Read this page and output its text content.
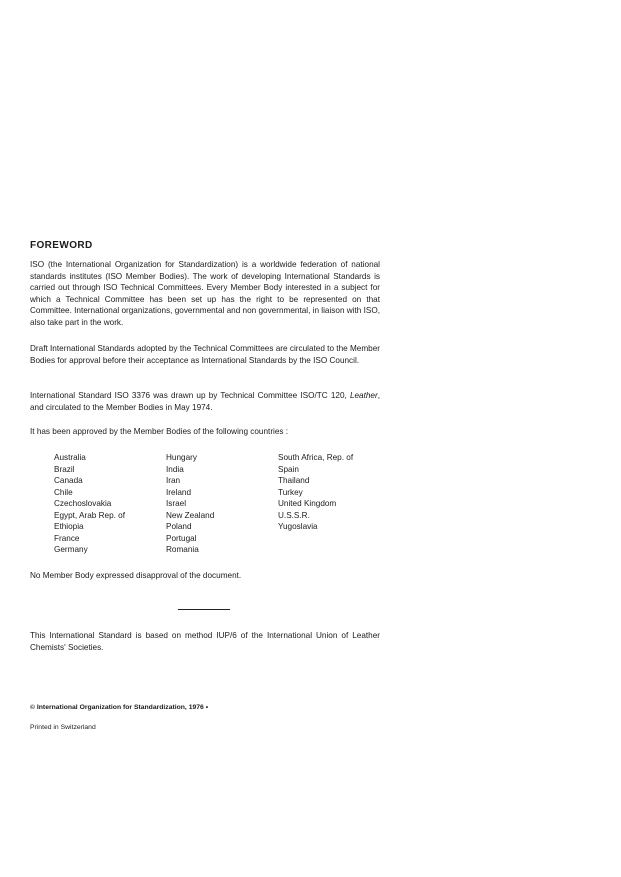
FOREWORD
ISO (the International Organization for Standardization) is a worldwide federation of national standards institutes (ISO Member Bodies). The work of developing International Standards is carried out through ISO Technical Committees. Every Member Body interested in a subject for which a Technical Committee has been set up has the right to be represented on that Committee. International organizations, governmental and non governmental, in liaison with ISO, also take part in the work.
Draft International Standards adopted by the Technical Committees are circulated to the Member Bodies for approval before their acceptance as International Standards by the ISO Council.
International Standard ISO 3376 was drawn up by Technical Committee ISO/TC 120, Leather, and circulated to the Member Bodies in May 1974.
It has been approved by the Member Bodies of the following countries :
Australia
Brazil
Canada
Chile
Czechoslovakia
Egypt, Arab Rep. of
Ethiopia
France
Germany
Hungary
India
Iran
Ireland
Israel
New Zealand
Poland
Portugal
Romania
South Africa, Rep. of
Spain
Thailand
Turkey
United Kingdom
U.S.S.R.
Yugoslavia
No Member Body expressed disapproval of the document.
This International Standard is based on method IUP/6 of the International Union of Leather Chemists' Societies.
© International Organization for Standardization, 1976 •
Printed in Switzerland
